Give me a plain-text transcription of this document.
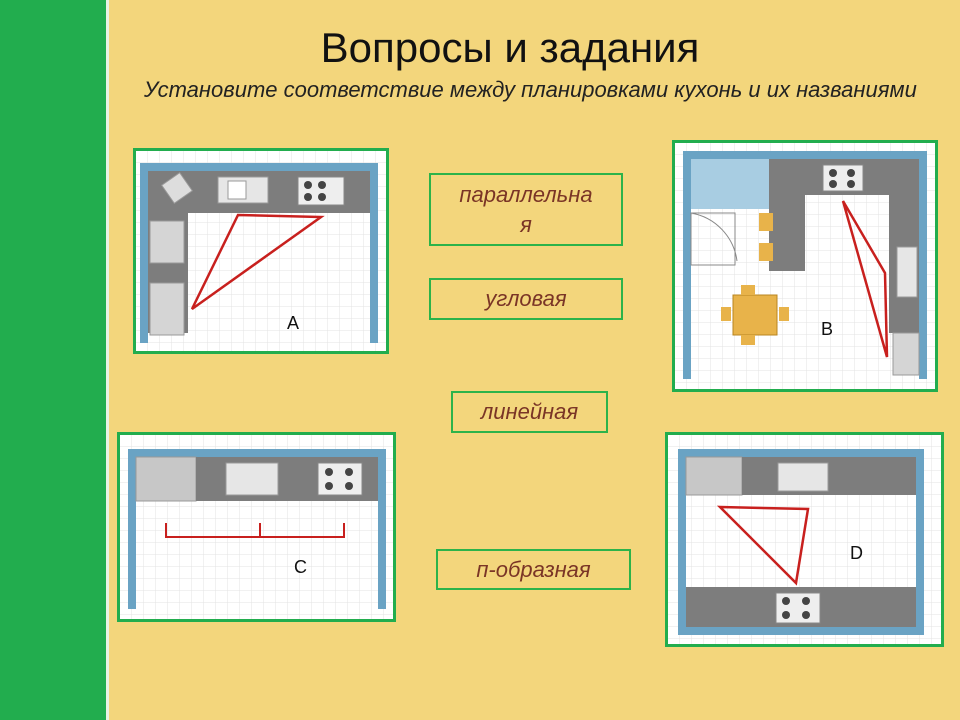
Вопросы и задания
Установите соответствие между планировками кухонь и их названиями
параллельна
я
угловая
линейная
п-образная
A	B
C
D
